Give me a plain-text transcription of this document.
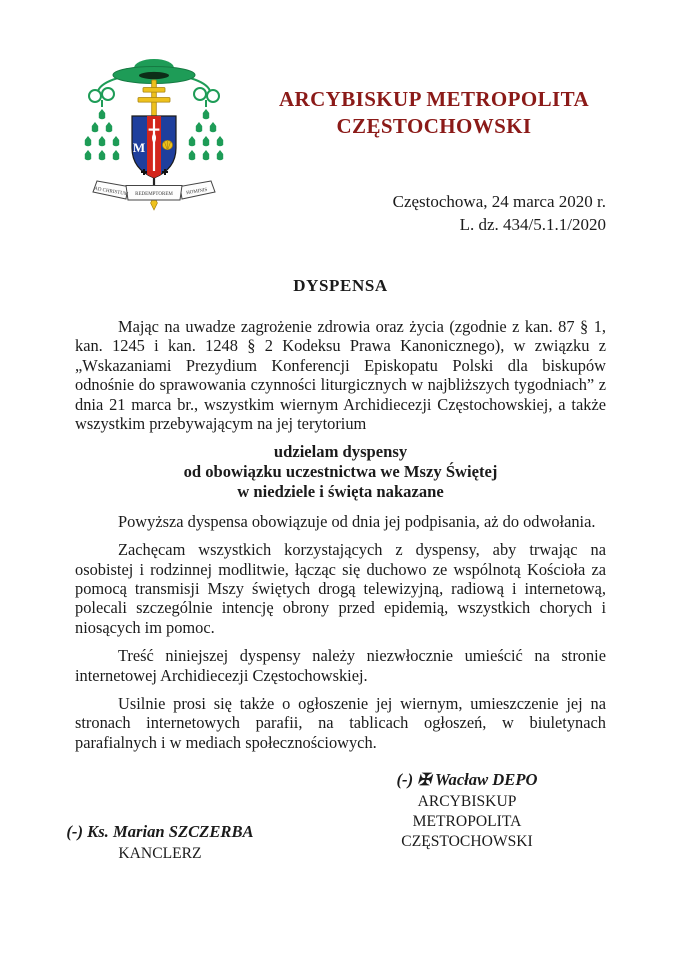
M
AD CHRISTUM REDEMPTOREM	HOMINIS
ARCYBISKUP METROPOLITA
CZĘSTOCHOWSKI
Częstochowa, 24 marca 2020 r.
L. dz. 434/5.1.1/2020
DYSPENSA

Mając na uwadze zagrożenie zdrowia oraz życia (zgodnie z kan. 87 § 1, kan. 1245 i kan. 1248 § 2 Kodeksu Prawa Kanonicznego), w związku z „Wskazaniami Prezydium Konferencji Episkopatu Polski dla biskupów odnośnie do sprawowania czynności liturgicznych w najbliższych tygodniach” z dnia 21 marca br., wszystkim wiernym Archidiecezji Częstochowskiej, a także wszystkim przebywającym na jej terytorium

udzielam dyspensy
od obowiązku uczestnictwa we Mszy Świętej
w niedziele i święta nakazane

Powyższa dyspensa obowiązuje od dnia jej podpisania, aż do odwołania.

Zachęcam wszystkich korzystających z dyspensy, aby trwając na osobistej i rodzinnej modlitwie, łącząc się duchowo ze wspólnotą Kościoła za pomocą transmisji Mszy świętych drogą telewizyjną, radiową i internetową, polecali szczególnie intencję obrony przed epidemią, wszystkich chorych i niosących im pomoc.

Treść niniejszej dyspensy należy niezwłocznie umieścić na stronie internetowej Archidiecezji Częstochowskiej.

Usilnie prosi się także o ogłoszenie jej wiernym, umieszczenie jej na stronach internetowych parafii, na tablicach ogłoszeń, w biuletynach parafialnych i w mediach społecznościowych.

(-) ✠ Wacław DEPO
ARCYBISKUP METROPOLITA
CZĘSTOCHOWSKI
(-) Ks. Marian SZCZERBA
KANCLERZ
